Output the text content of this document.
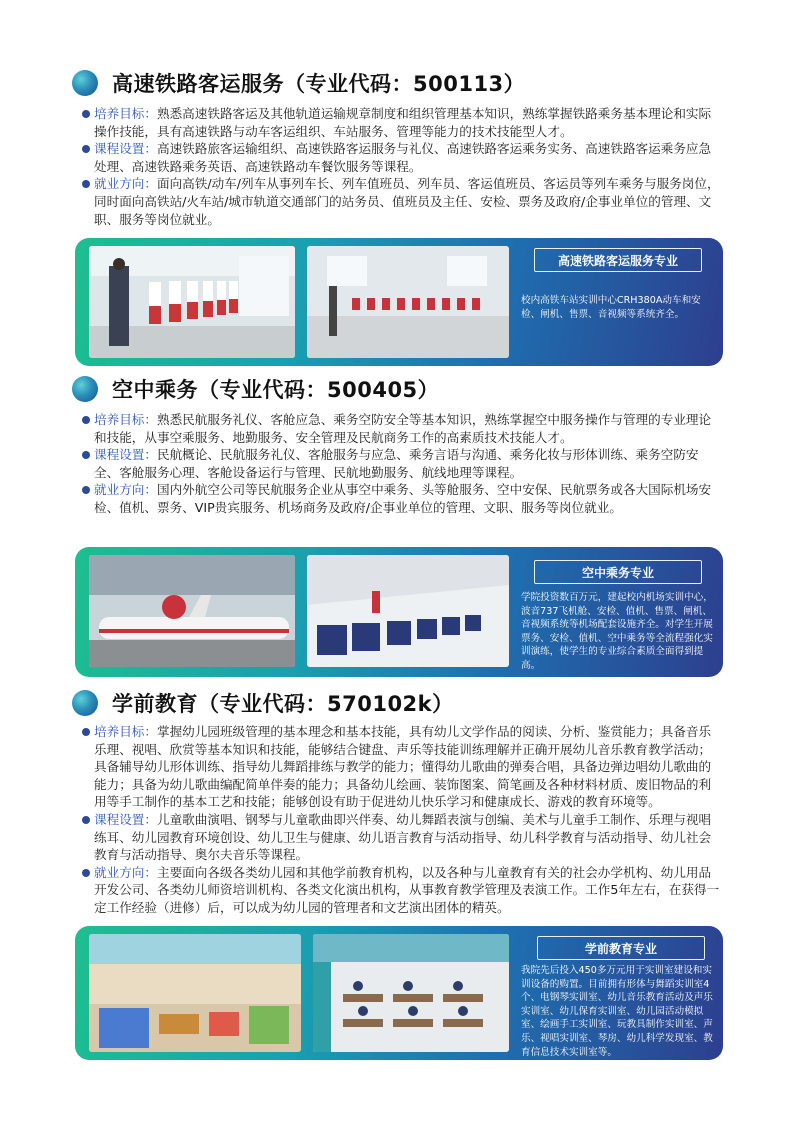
高速铁路客运服务（专业代码：500113）
培养目标：熟悉高速铁路客运及其他轨道运输规章制度和组织管理基本知识，熟练掌握铁路乘务基本理论和实际操作技能，具有高速铁路与动车客运组织、车站服务、管理等能力的技术技能型人才。
课程设置：高速铁路旅客运输组织、高速铁路客运服务与礼仪、高速铁路客运乘务实务、高速铁路客运乘务应急处理、高速铁路乘务英语、高速铁路动车餐饮服务等课程。
就业方向：面向高铁/动车/列车从事列车长、列车值班员、列车员、客运值班员、客运员等列车乘务与服务岗位，同时面向高铁站/火车站/城市轨道交通部门的站务员、值班员及主任、安检、票务及政府/企事业单位的管理、文职、服务等岗位就业。
高速铁路客运服务专业
校内高铁车站实训中心CRH380A动车和安检、闸机、售票、音视频等系统齐全。
空中乘务（专业代码：500405）
培养目标：熟悉民航服务礼仪、客舱应急、乘务空防安全等基本知识，熟练掌握空中服务操作与管理的专业理论和技能，从事空乘服务、地勤服务、安全管理及民航商务工作的高素质技术技能人才。
课程设置：民航概论、民航服务礼仪、客舱服务与应急、乘务言语与沟通、乘务化妆与形体训练、乘务空防安全、客舱服务心理、客舱设备运行与管理、民航地勤服务、航线地理等课程。
就业方向：国内外航空公司等民航服务企业从事空中乘务、头等舱服务、空中安保、民航票务或各大国际机场安检、值机、票务、VIP贵宾服务、机场商务及政府/企事业单位的管理、文职、服务等岗位就业。
空中乘务专业
学院投资数百万元，建起校内机场实训中心，波音737飞机舱、安检、值机、售票、闸机、音视频系统等机场配套设施齐全。对学生开展票务、安检、值机、空中乘务等全流程强化实训演练，使学生的专业综合素质全面得到提高。
学前教育（专业代码：570102k）
培养目标：掌握幼儿园班级管理的基本理念和基本技能，具有幼儿文学作品的阅读、分析、鉴赏能力；具备音乐乐理、视唱、欣赏等基本知识和技能，能够结合键盘、声乐等技能训练理解并正确开展幼儿音乐教育教学活动；具备辅导幼儿形体训练、指导幼儿舞蹈排练与教学的能力；懂得幼儿歌曲的弹奏合唱，具备边弹边唱幼儿歌曲的能力；具备为幼儿歌曲编配简单伴奏的能力；具备幼儿绘画、装饰图案、简笔画及各种材料材质、废旧物品的利用等手工制作的基本工艺和技能；能够创设有助于促进幼儿快乐学习和健康成长、游戏的教育环境等。
课程设置：儿童歌曲演唱、钢琴与儿童歌曲即兴伴奏、幼儿舞蹈表演与创编、美术与儿童手工制作、乐理与视唱练耳、幼儿园教育环境创设、幼儿卫生与健康、幼儿语言教育与活动指导、幼儿科学教育与活动指导、幼儿社会教育与活动指导、奥尔夫音乐等课程。
就业方向：主要面向各级各类幼儿园和其他学前教育机构，以及各种与儿童教育有关的社会办学机构、幼儿用品开发公司、各类幼儿师资培训机构、各类文化演出机构，从事教育教学管理及表演工作。工作5年左右，在获得一定工作经验（进修）后，可以成为幼儿园的管理者和文艺演出团体的精英。
学前教育专业
我院先后投入450多万元用于实训室建设和实训设备的购置。目前拥有形体与舞蹈实训室4个、电钢琴实训室、幼儿音乐教育活动及声乐实训室、幼儿保育实训室、幼儿园活动模拟室、绘画手工实训室、玩教具制作实训室、声乐、视唱实训室、琴房、幼儿科学发现室、教育信息技术实训室等。
